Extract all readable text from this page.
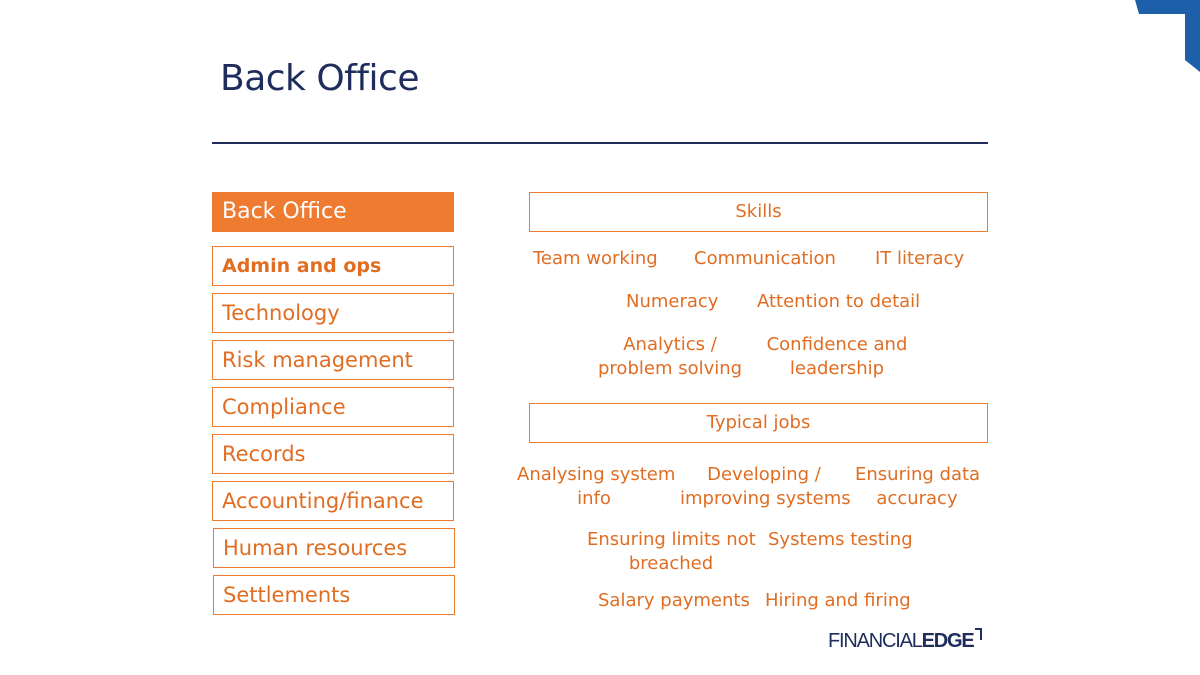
Back Office
Back Office
Admin and ops
Technology
Risk management
Compliance
Records
Accounting/finance
Human resources
Settlements
Skills
Team working Communication IT literacy
Numeracy Attention to detail
Analytics /
problem solving
Confidence and
leadership
Typical jobs
Analysing system
info
Developing /
improving systems
Ensuring data
accuracy
Ensuring limits not
breached
Systems testing
Salary payments Hiring and firing
FINANCIALEDGE
